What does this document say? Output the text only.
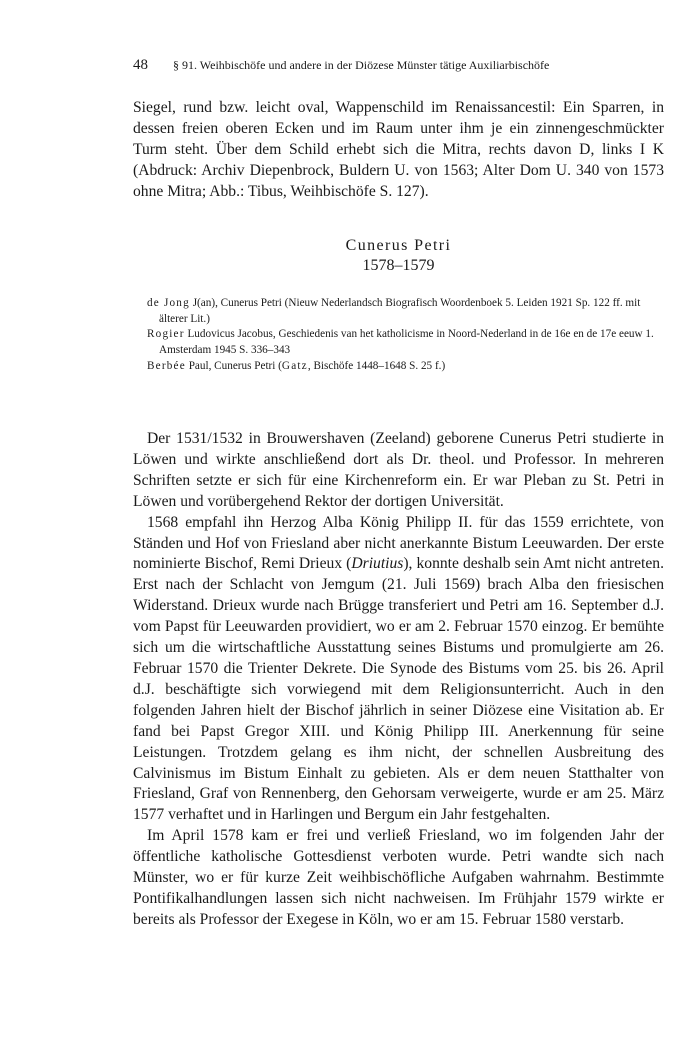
48 § 91. Weihbischöfe und andere in der Diözese Münster tätige Auxiliarbischöfe

Siegel, rund bzw. leicht oval, Wappenschild im Renaissancestil: Ein Sparren, in dessen freien oberen Ecken und im Raum unter ihm je ein zinnengeschmückter Turm steht. Über dem Schild erhebt sich die Mitra, rechts davon D, links I K (Abdruck: Archiv Diepenbrock, Buldern U. von 1563; Alter Dom U. 340 von 1573 ohne Mitra; Abb.: Tibus, Weihbischöfe S. 127).

Cunerus Petri
1578–1579

de Jong J(an), Cunerus Petri (Nieuw Nederlandsch Biografisch Woordenboek 5. Leiden 1921 Sp. 122 ff. mit älterer Lit.)

Rogier Ludovicus Jacobus, Geschiedenis van het katholicisme in Noord-Nederland in de 16e en de 17e eeuw 1. Amsterdam 1945 S. 336–343

Berbée Paul, Cunerus Petri (Gatz, Bischöfe 1448–1648 S. 25 f.)

Der 1531/1532 in Brouwershaven (Zeeland) geborene Cunerus Petri studierte in Löwen und wirkte anschließend dort als Dr. theol. und Professor. In mehreren Schriften setzte er sich für eine Kirchenreform ein. Er war Pleban zu St. Petri in Löwen und vorübergehend Rektor der dortigen Universität.

1568 empfahl ihn Herzog Alba König Philipp II. für das 1559 errichtete, von Ständen und Hof von Friesland aber nicht anerkannte Bistum Leeuwarden. Der erste nominierte Bischof, Remi Drieux (Driutius), konnte deshalb sein Amt nicht antreten. Erst nach der Schlacht von Jemgum (21. Juli 1569) brach Alba den friesischen Widerstand. Drieux wurde nach Brügge transferiert und Petri am 16. September d.J. vom Papst für Leeuwarden providiert, wo er am 2. Februar 1570 einzog. Er bemühte sich um die wirtschaftliche Ausstattung seines Bistums und promulgierte am 26. Februar 1570 die Trienter Dekrete. Die Synode des Bistums vom 25. bis 26. April d.J. beschäftigte sich vorwiegend mit dem Religionsunterricht. Auch in den folgenden Jahren hielt der Bischof jährlich in seiner Diözese eine Visitation ab. Er fand bei Papst Gregor XIII. und König Philipp III. Anerkennung für seine Leistungen. Trotzdem gelang es ihm nicht, der schnellen Ausbreitung des Calvinismus im Bistum Einhalt zu gebieten. Als er dem neuen Statthalter von Friesland, Graf von Rennenberg, den Gehorsam verweigerte, wurde er am 25. März 1577 verhaftet und in Harlingen und Bergum ein Jahr festgehalten.

Im April 1578 kam er frei und verließ Friesland, wo im folgenden Jahr der öffentliche katholische Gottesdienst verboten wurde. Petri wandte sich nach Münster, wo er für kurze Zeit weihbischöfliche Aufgaben wahrnahm. Bestimmte Pontifikalhandlungen lassen sich nicht nachweisen. Im Frühjahr 1579 wirkte er bereits als Professor der Exegese in Köln, wo er am 15. Februar 1580 verstarb.
